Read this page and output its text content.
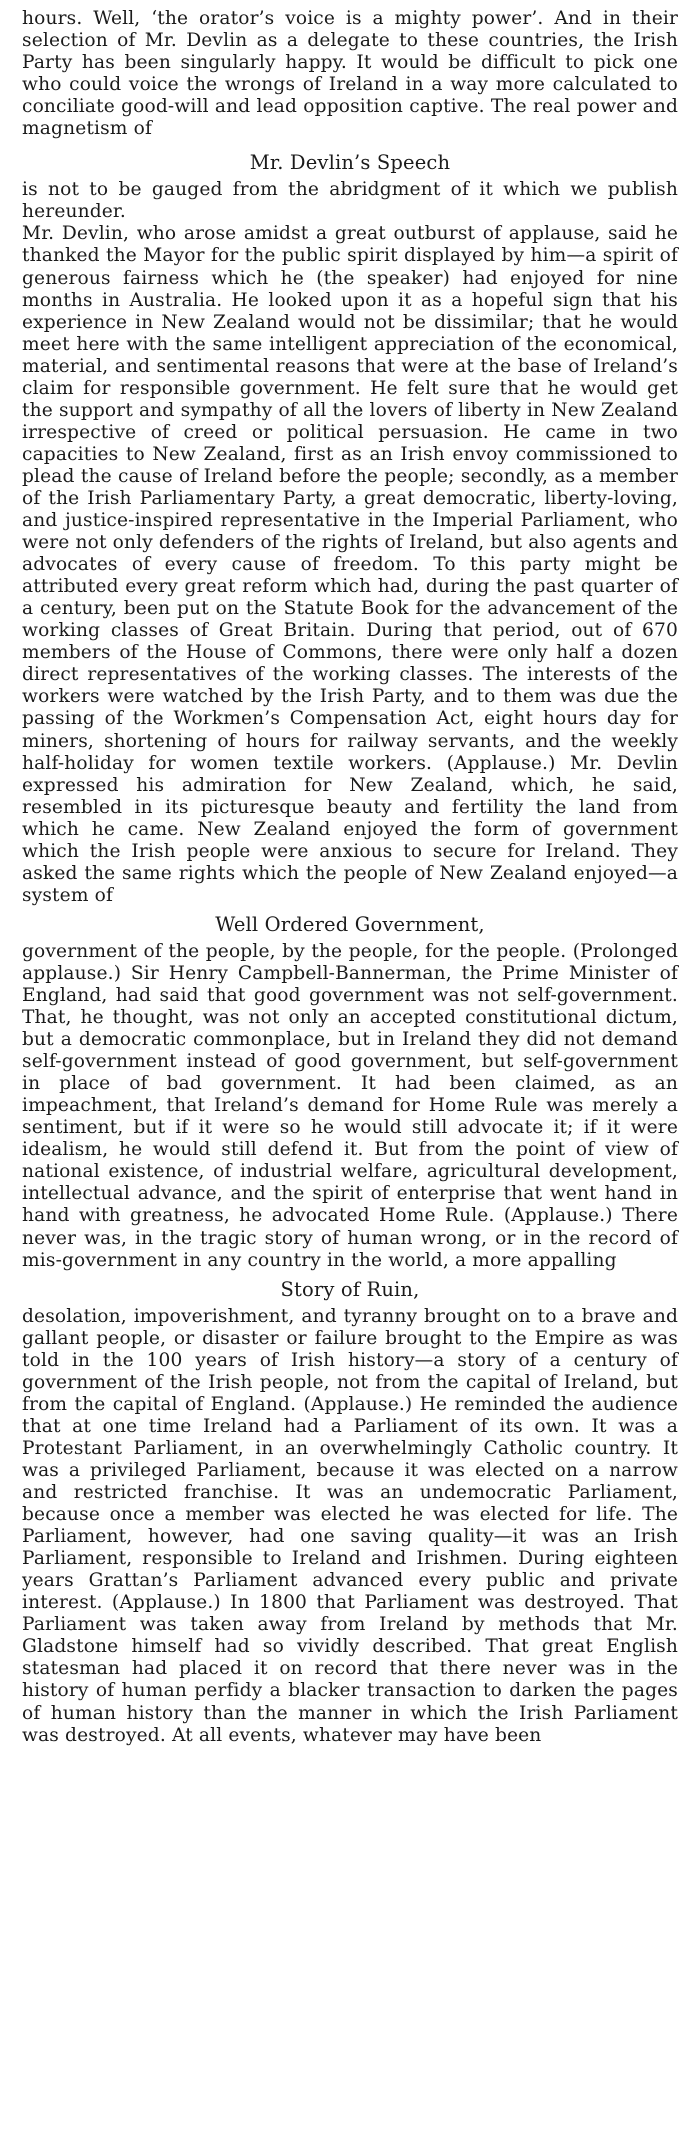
hours. Well, ‘the orator’s voice is a mighty power’. And in their selection of Mr. Devlin as a delegate to these countries, the Irish Party has been singularly happy. It would be difficult to pick one who could voice the wrongs of Ireland in a way more calculated to conciliate good-will and lead opposition captive. The real power and magnetism of

Mr. Devlin’s Speech

is not to be gauged from the abridgment of it which we publish hereunder.

Mr. Devlin, who arose amidst a great outburst of applause, said he thanked the Mayor for the public spirit displayed by him—a spirit of generous fairness which he (the speaker) had enjoyed for nine months in Australia. He looked upon it as a hopeful sign that his experience in New Zealand would not be dissimilar; that he would meet here with the same intelligent appreciation of the economical, material, and sentimental reasons that were at the base of Ireland’s claim for responsible government. He felt sure that he would get the support and sympathy of all the lovers of liberty in New Zealand irrespective of creed or political persuasion. He came in two capacities to New Zealand, first as an Irish envoy commissioned to plead the cause of Ireland before the people; secondly, as a member of the Irish Parliamentary Party, a great democratic, liberty-loving, and justice-inspired representative in the Imperial Parliament, who were not only defenders of the rights of Ireland, but also agents and advocates of every cause of freedom. To this party might be attributed every great reform which had, during the past quarter of a century, been put on the Statute Book for the advancement of the working classes of Great Britain. During that period, out of 670 members of the House of Commons, there were only half a dozen direct representatives of the working classes. The interests of the workers were watched by the Irish Party, and to them was due the passing of the Workmen’s Compensation Act, eight hours day for miners, shortening of hours for railway servants, and the weekly half-holiday for women textile workers. (Applause.) Mr. Devlin expressed his admiration for New Zealand, which, he said, resembled in its picturesque beauty and fertility the land from which he came. New Zealand enjoyed the form of government which the Irish people were anxious to secure for Ireland. They asked the same rights which the people of New Zealand enjoyed—a system of

Well Ordered Government,

government of the people, by the people, for the people. (Prolonged applause.) Sir Henry Campbell-Bannerman, the Prime Minister of England, had said that good government was not self-government. That, he thought, was not only an accepted constitutional dictum, but a democratic commonplace, but in Ireland they did not demand self-government instead of good government, but self-government in place of bad government. It had been claimed, as an impeachment, that Ireland’s demand for Home Rule was merely a sentiment, but if it were so he would still advocate it; if it were idealism, he would still defend it. But from the point of view of national existence, of industrial welfare, agricultural development, intellectual advance, and the spirit of enterprise that went hand in hand with greatness, he advocated Home Rule. (Applause.) There never was, in the tragic story of human wrong, or in the record of mis-government in any country in the world, a more appalling

Story of Ruin,

desolation, impoverishment, and tyranny brought on to a brave and gallant people, or disaster or failure brought to the Empire as was told in the 100 years of Irish history—a story of a century of government of the Irish people, not from the capital of Ireland, but from the capital of England. (Applause.) He reminded the audience that at one time Ireland had a Parliament of its own. It was a Protestant Parliament, in an overwhelmingly Catholic country. It was a privileged Parliament, because it was elected on a narrow and restricted franchise. It was an undemocratic Parliament, because once a member was elected he was elected for life. The Parliament, however, had one saving quality—it was an Irish Parliament, responsible to Ireland and Irishmen. During eighteen years Grattan’s Parliament advanced every public and private interest. (Applause.) In 1800 that Parliament was destroyed. That Parliament was taken away from Ireland by methods that Mr. Gladstone himself had so vividly described. That great English statesman had placed it on record that there never was in the history of human perfidy a blacker transaction to darken the pages of human history than the manner in which the Irish Parliament was destroyed. At all events, whatever may have been
